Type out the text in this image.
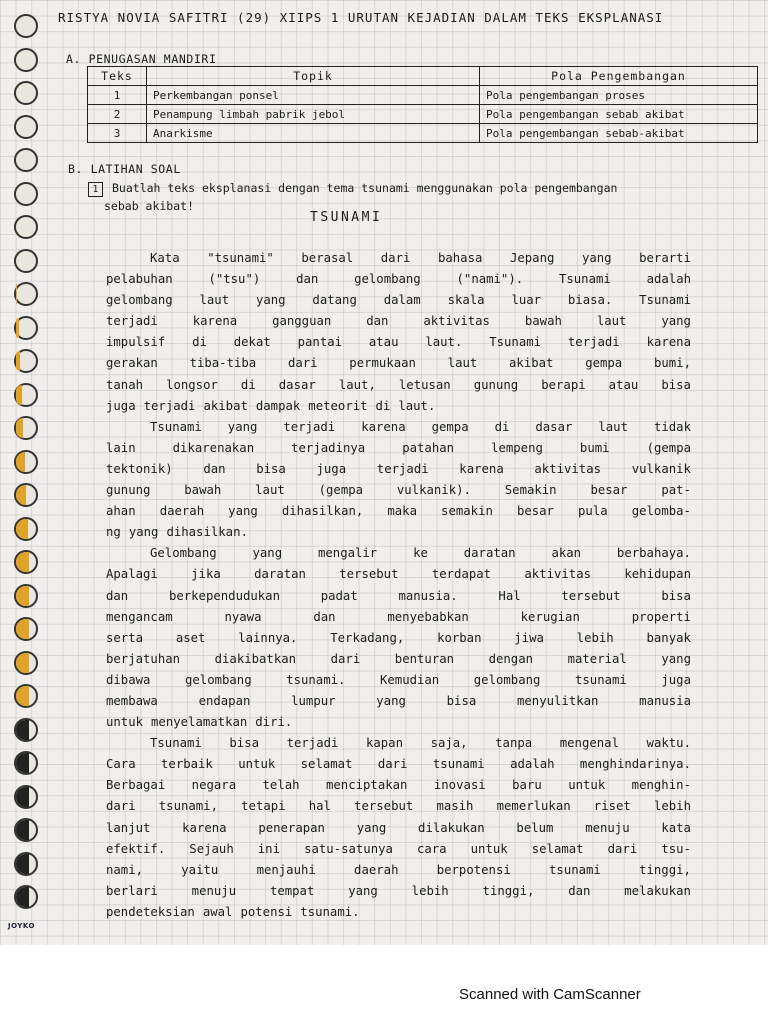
JOYKO
RISTYA NOVIA SAFITRI (29) XIIPS 1 URUTAN KEJADIAN DALAM TEKS EKSPLANASI
A. PENUGASAN MANDIRI
Teks	Topik	Pola Pengembangan
1	Perkembangan ponsel	Pola pengembangan proses
2	Penampung limbah pabrik jebol	Pola pengembangan sebab akibat
3	Anarkisme	Pola pengembangan sebab-akibat
B. LATIHAN SOAL
1	Buatlah teks eksplanasi dengan tema tsunami menggunakan pola pengembangan
sebab akibat!
TSUNAMI
Kata "tsunami" berasal dari bahasa Jepang yang berarti
pelabuhan	("tsu")	dan	gelombang	("nami").	Tsunami	adalah
gelombang laut yang datang dalam skala luar biasa. Tsunami
terjadi	karena	gangguan	dan	aktivitas	bawah	laut	yang
impulsif di dekat pantai atau laut. Tsunami terjadi karena
gerakan	tiba-tiba	dari	permukaan	laut	akibat	gempa	bumi,
tanah longsor di dasar laut, letusan gunung berapi atau bisa
juga terjadi akibat dampak meteorit di laut.
Tsunami yang terjadi karena gempa di dasar laut tidak
lain	dikarenakan	terjadinya	patahan	lempeng	bumi	(gempa
tektonik) dan bisa juga terjadi karena aktivitas vulkanik
gunung	bawah	laut	(gempa	vulkanik).	Semakin	besar	pat-
ahan daerah yang dihasilkan, maka semakin besar pula gelomba-
ng yang dihasilkan.
Gelombang	yang	mengalir	ke	daratan	akan	berbahaya.
Apalagi	jika	daratan	tersebut	terdapat	aktivitas	kehidupan
dan	berkependudukan	padat	manusia.	Hal	tersebut	bisa
mengancam	nyawa	dan	menyebabkan	kerugian	properti
serta	aset	lainnya.	Terkadang,	korban	jiwa	lebih	banyak
berjatuhan	diakibatkan	dari	benturan	dengan	material	yang
dibawa	gelombang	tsunami.	Kemudian	gelombang	tsunami	juga
membawa	endapan	lumpur	yang	bisa	menyulitkan	manusia
untuk menyelamatkan diri.
Tsunami bisa terjadi kapan saja, tanpa mengenal waktu.
Cara terbaik untuk selamat dari tsunami adalah menghindarinya.
Berbagai negara telah menciptakan inovasi baru untuk menghin-
dari tsunami, tetapi hal tersebut masih memerlukan riset lebih
lanjut	karena	penerapan	yang	dilakukan	belum	menuju	kata
efektif. Sejauh ini satu-satunya cara untuk selamat dari tsu-
nami,	yaitu	menjauhi	daerah	berpotensi	tsunami	tinggi,
berlari	menuju	tempat	yang	lebih	tinggi,	dan	melakukan
pendeteksian awal potensi tsunami.
Scanned with CamScanner
